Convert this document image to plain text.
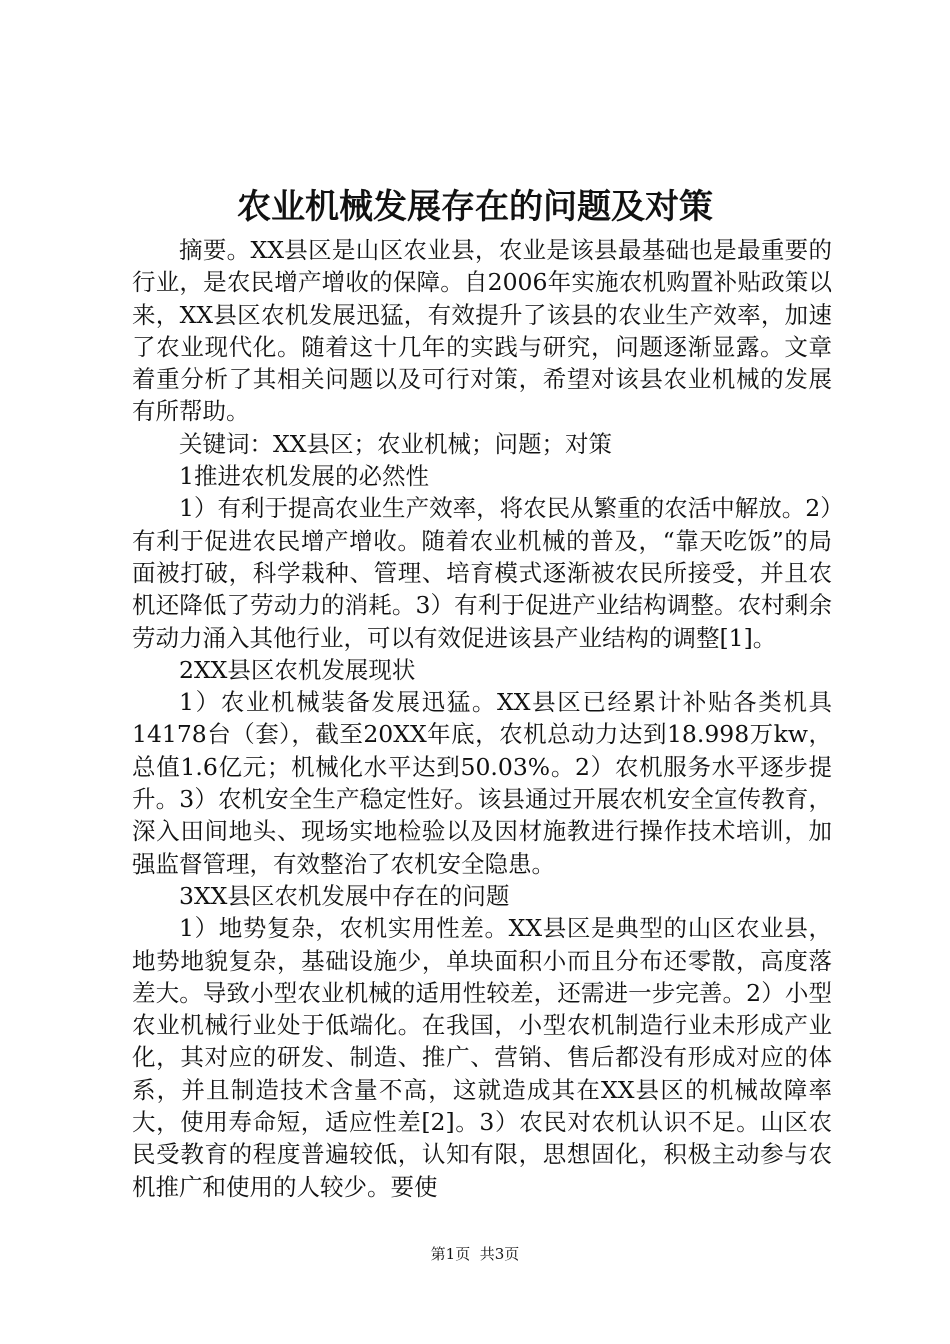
农业机械发展存在的问题及对策

摘要。XX县区是山区农业县，农业是该县最基础也是最重要的行业，是农民增产增收的保障。自2006年实施农机购置补贴政策以来，XX县区农机发展迅猛，有效提升了该县的农业生产效率，加速了农业现代化。随着这十几年的实践与研究，问题逐渐显露。文章着重分析了其相关问题以及可行对策，希望对该县农业机械的发展有所帮助。

关键词：XX县区；农业机械；问题；对策

1推进农机发展的必然性

1）有利于提高农业生产效率，将农民从繁重的农活中解放。2）有利于促进农民增产增收。随着农业机械的普及，“靠天吃饭”的局面被打破，科学栽种、管理、培育模式逐渐被农民所接受，并且农机还降低了劳动力的消耗。3）有利于促进产业结构调整。农村剩余劳动力涌入其他行业，可以有效促进该县产业结构的调整[1]。

2XX县区农机发展现状

1）农业机械装备发展迅猛。XX县区已经累计补贴各类机具14178台（套），截至20XX年底，农机总动力达到18.998万kw，总值1.6亿元；机械化水平达到50.03%。2）农机服务水平逐步提升。3）农机安全生产稳定性好。该县通过开展农机安全宣传教育，深入田间地头、现场实地检验以及因材施教进行操作技术培训，加强监督管理，有效整治了农机安全隐患。

3XX县区农机发展中存在的问题

1）地势复杂，农机实用性差。XX县区是典型的山区农业县，地势地貌复杂，基础设施少，单块面积小而且分布还零散，高度落差大。导致小型农业机械的适用性较差，还需进一步完善。2）小型农业机械行业处于低端化。在我国，小型农机制造行业未形成产业化，其对应的研发、制造、推广、营销、售后都没有形成对应的体系，并且制造技术含量不高，这就造成其在XX县区的机械故障率大，使用寿命短，适应性差[2]。3）农民对农机认识不足。山区农民受教育的程度普遍较低，认知有限，思想固化，积极主动参与农机推广和使用的人较少。要使

第1页 共3页
